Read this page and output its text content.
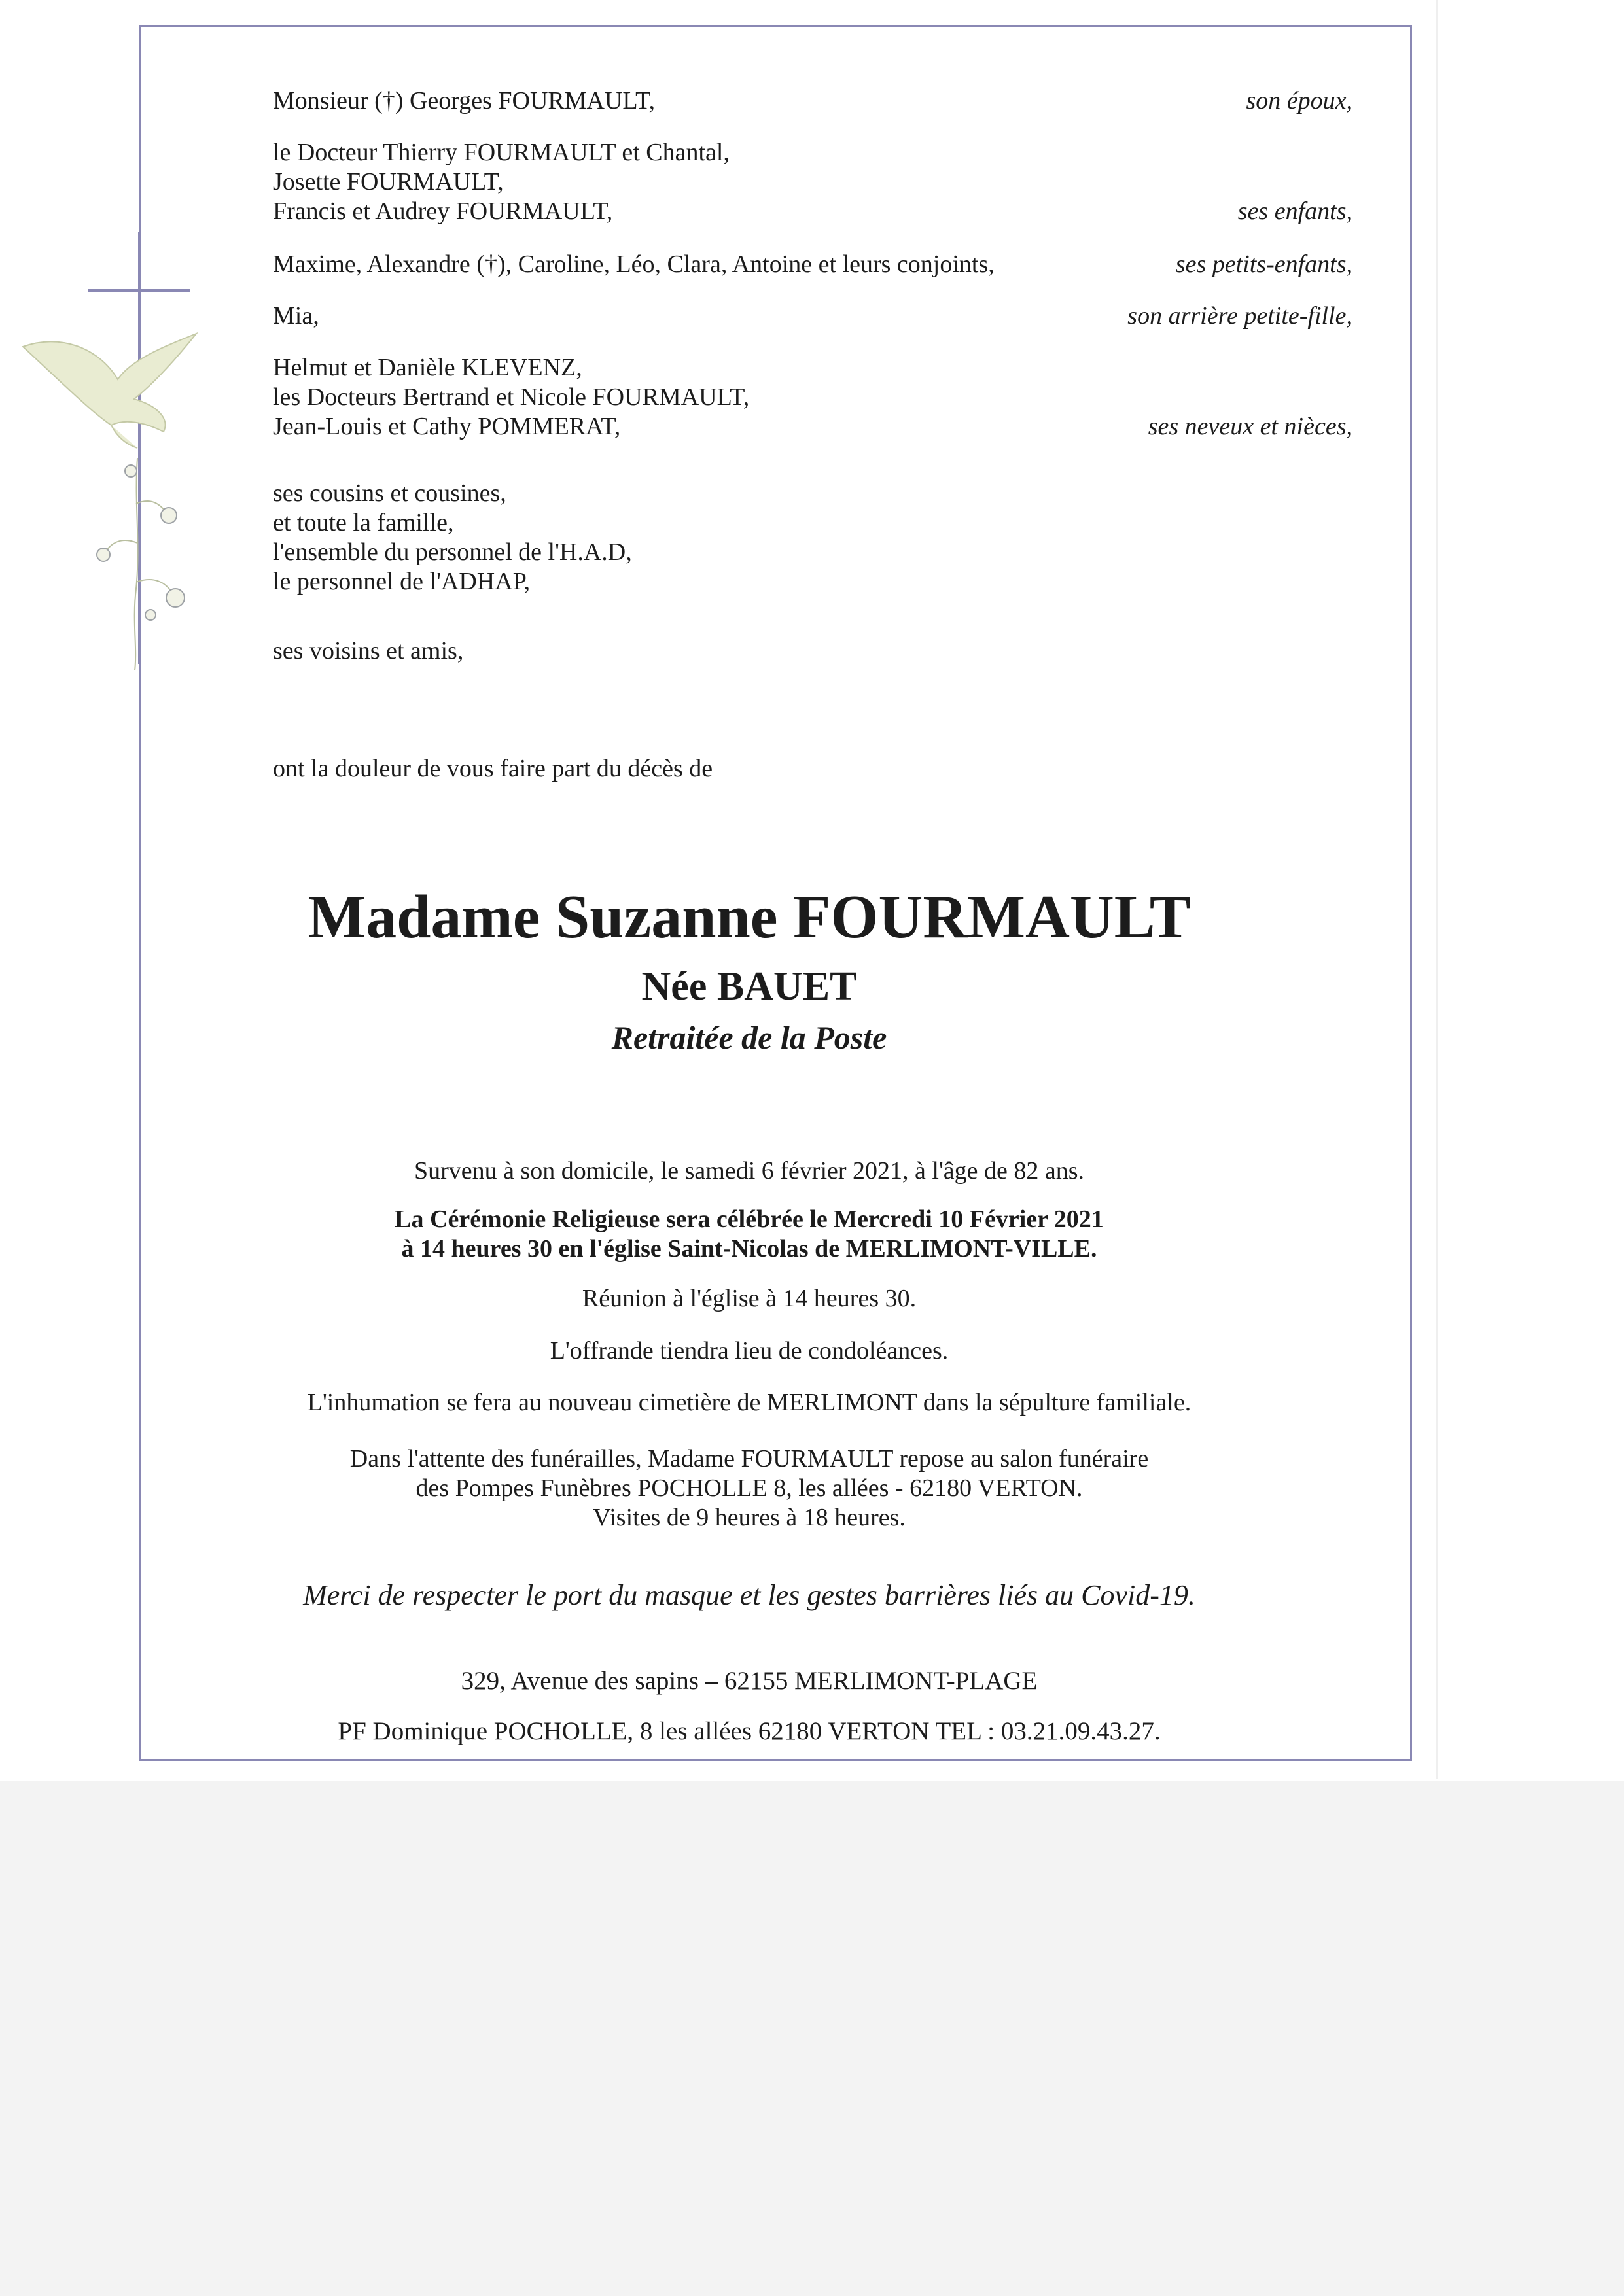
Monsieur (†) Georges FOURMAULT,	son époux,
le Docteur Thierry FOURMAULT et Chantal,
Josette FOURMAULT,
Francis et Audrey FOURMAULT,	ses enfants,
Maxime, Alexandre (†), Caroline, Léo, Clara, Antoine et leurs conjoints,	ses petits-enfants,
Mia,	son arrière petite-fille,
Helmut et Danièle KLEVENZ,
les Docteurs Bertrand et Nicole FOURMAULT,
Jean-Louis et Cathy POMMERAT,	ses neveux et nièces,
ses cousins et cousines,
et toute la famille,
l'ensemble du personnel de l'H.A.D,
le personnel de l'ADHAP,
ses voisins et amis,
ont la douleur de vous faire part du décès de
Madame Suzanne FOURMAULT
Née BAUET
Retraitée de la Poste
Survenu à son domicile, le samedi 6 février 2021, à l'âge de 82 ans.
La Cérémonie Religieuse sera célébrée le Mercredi 10 Février 2021
à 14 heures 30 en l'église Saint-Nicolas de MERLIMONT-VILLE.
Réunion à l'église à 14 heures 30.
L'offrande tiendra lieu de condoléances.
L'inhumation se fera au nouveau cimetière de MERLIMONT dans la sépulture familiale.
Dans l'attente des funérailles, Madame FOURMAULT repose au salon funéraire
des Pompes Funèbres POCHOLLE 8, les allées - 62180 VERTON.
Visites de 9 heures à 18 heures.
Merci de respecter le port du masque et les gestes barrières liés au Covid-19.
329, Avenue des sapins – 62155 MERLIMONT-PLAGE
PF Dominique POCHOLLE, 8 les allées 62180 VERTON TEL : 03.21.09.43.27.
